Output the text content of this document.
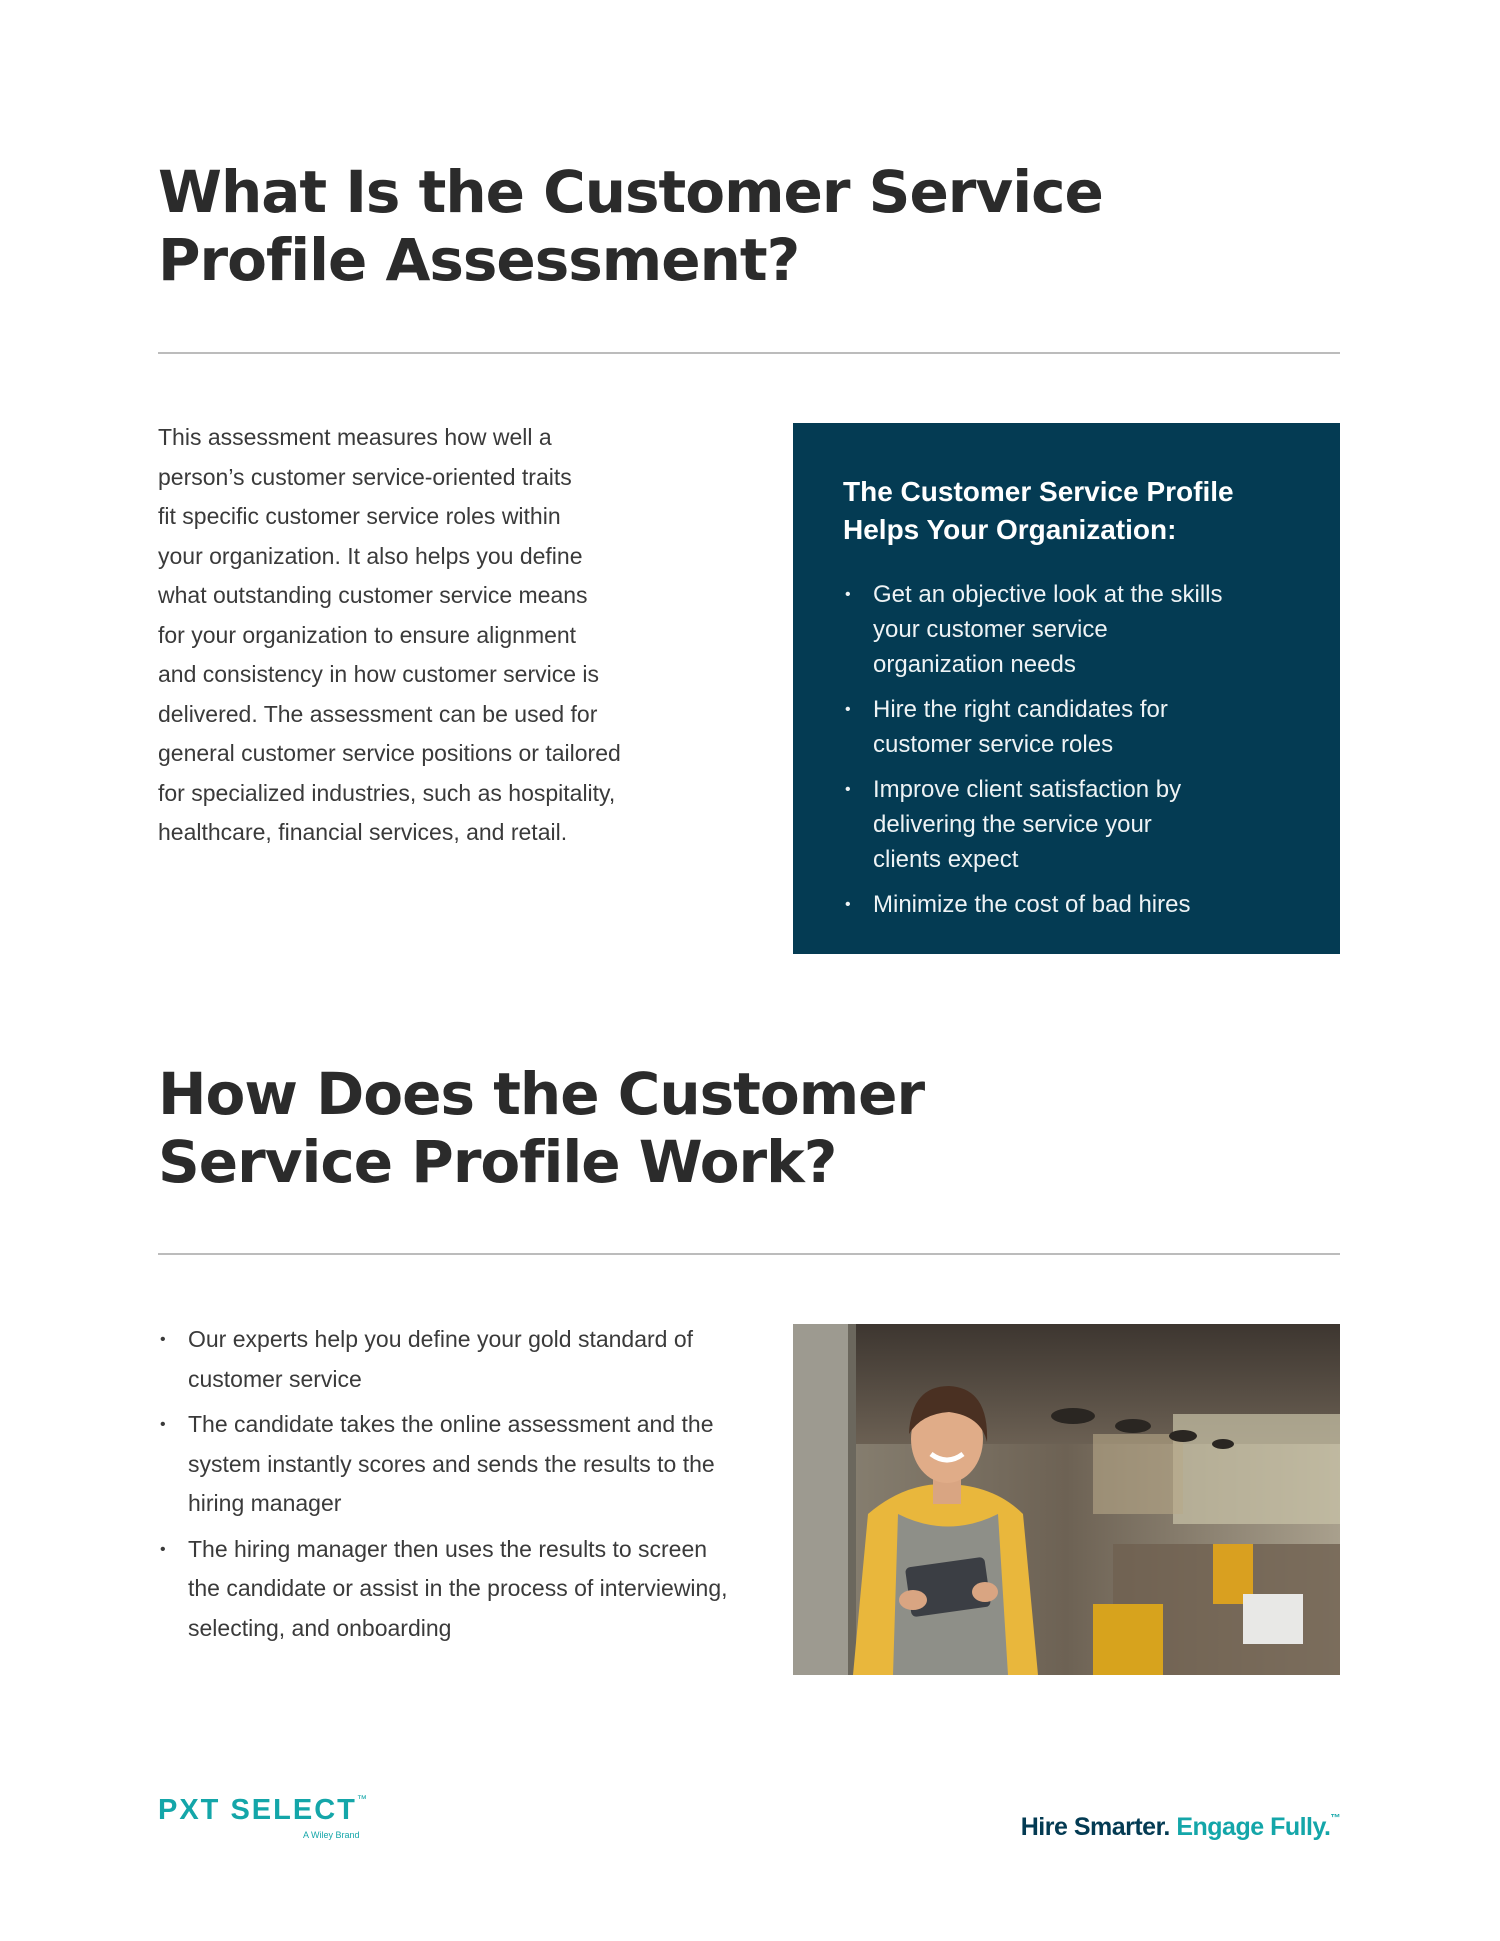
What Is the Customer Service
Profile Assessment?
This assessment measures how well a
person’s customer service-oriented traits
fit specific customer service roles within
your organization. It also helps you define
what outstanding customer service means
for your organization to ensure alignment
and consistency in how customer service is
delivered. The assessment can be used for
general customer service positions or tailored
for specialized industries, such as hospitality,
healthcare, financial services, and retail.
The Customer Service Profile
Helps Your Organization:
• Get an objective look at the skills your customer service organization needs
• Hire the right candidates for customer service roles
• Improve client satisfaction by delivering the service your clients expect
• Minimize the cost of bad hires
How Does the Customer
Service Profile Work?
• Our experts help you define your gold standard of customer service
• The candidate takes the online assessment and the system instantly scores and sends the results to the hiring manager
• The hiring manager then uses the results to screen the candidate or assist in the process of interviewing, selecting, and onboarding
PXT SELECT™
A Wiley Brand	Hire Smarter. Engage Fully.™
